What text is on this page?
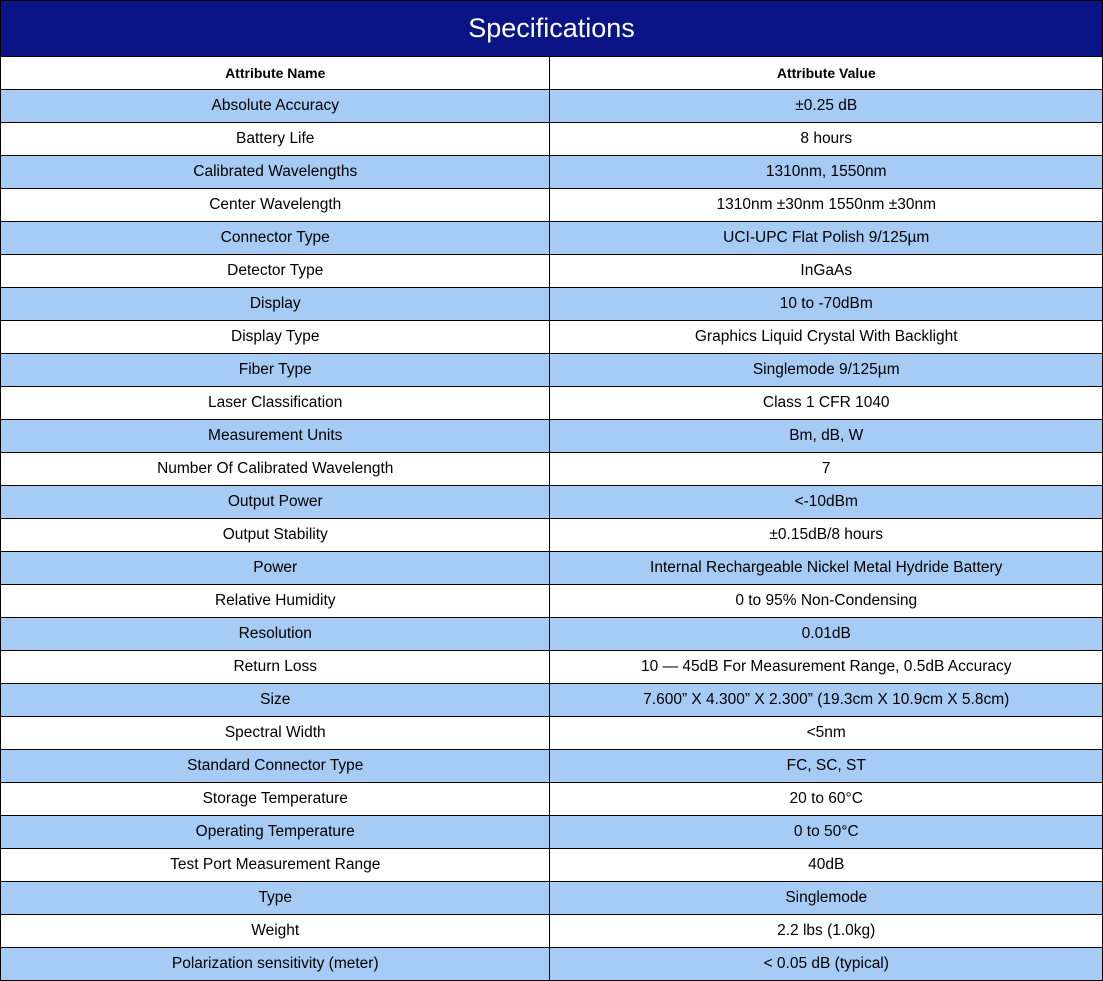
Specifications	
Attribute Name	Attribute Value
Absolute Accuracy	±0.25 dB
Battery Life	8 hours
Calibrated Wavelengths	1310nm, 1550nm
Center Wavelength	1310nm ±30nm 1550nm ±30nm
Connector Type	UCI-UPC Flat Polish 9/125µm
Detector Type	InGaAs
Display	10 to -70dBm
Display Type	Graphics Liquid Crystal With Backlight
Fiber Type	Singlemode 9/125µm
Laser Classification	Class 1 CFR 1040
Measurement Units	Bm, dB, W
Number Of Calibrated Wavelength	7
Output Power	<-10dBm
Output Stability	±0.15dB/8 hours
Power	Internal Rechargeable Nickel Metal Hydride Battery
Relative Humidity	0 to 95% Non-Condensing
Resolution	0.01dB
Return Loss	10 — 45dB For Measurement Range, 0.5dB Accuracy
Size	7.600” X 4.300” X 2.300” (19.3cm X 10.9cm X 5.8cm)
Spectral Width	<5nm
Standard Connector Type	FC, SC, ST
Storage Temperature	20 to 60°C
Operating Temperature	0 to 50°C
Test Port Measurement Range	40dB
Type	Singlemode
Weight	2.2 lbs (1.0kg)
Polarization sensitivity (meter)	< 0.05 dB (typical)
